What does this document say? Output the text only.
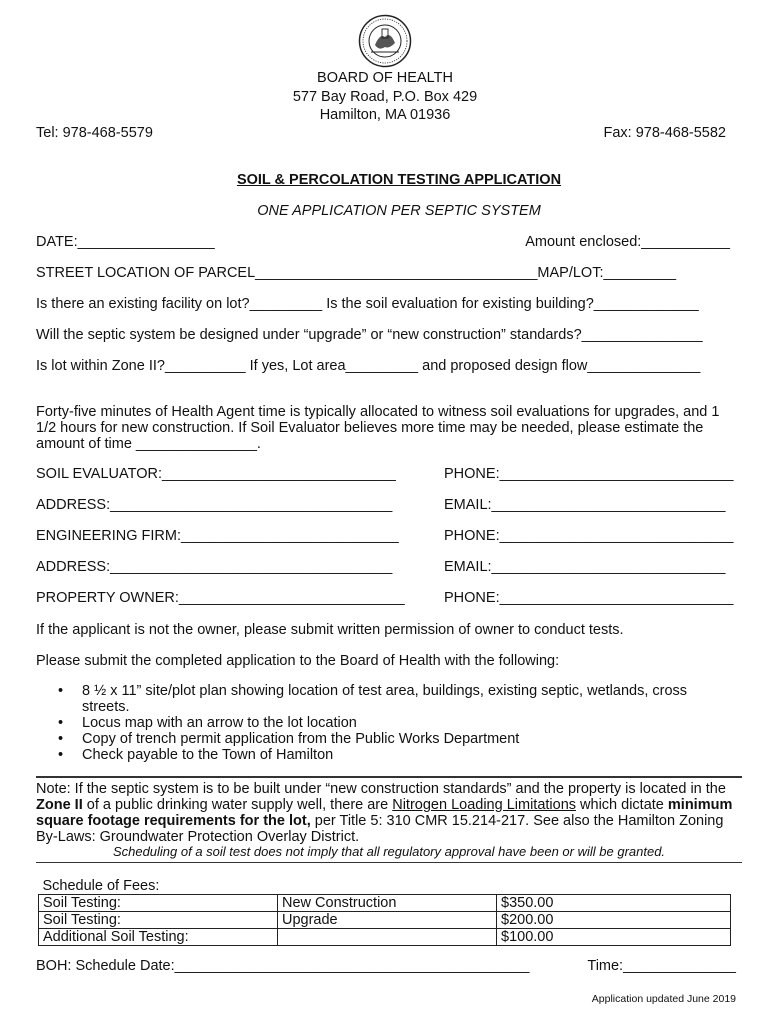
BOARD OF HEALTH
577 Bay Road, P.O. Box 429
Hamilton, MA 01936
Tel: 978-468-5579	Fax: 978-468-5582
SOIL & PERCOLATION TESTING APPLICATION
ONE APPLICATION PER SEPTIC SYSTEM
DATE:_________________	Amount enclosed:___________
STREET LOCATION OF PARCEL___________________________________MAP/LOT:_________
Is there an existing facility on lot?_________ Is the soil evaluation for existing building?_____________
Will the septic system be designed under “upgrade” or “new construction” standards?_______________
Is lot within Zone II?__________ If yes, Lot area_________ and proposed design flow______________
Forty-five minutes of Health Agent time is typically allocated to witness soil evaluations for upgrades, and 1 1/2 hours for new construction. If Soil Evaluator believes more time may be needed, please estimate the amount of time _______________.
SOIL EVALUATOR:_____________________________	PHONE:_____________________________
ADDRESS:___________________________________	EMAIL:_____________________________
ENGINEERING FIRM:___________________________	PHONE:_____________________________
ADDRESS:___________________________________	EMAIL:_____________________________
PROPERTY OWNER:____________________________	PHONE:_____________________________
If the applicant is not the owner, please submit written permission of owner to conduct tests.
Please submit the completed application to the Board of Health with the following:
• 8 ½ x 11” site/plot plan showing location of test area, buildings, existing septic, wetlands, cross streets.
• Locus map with an arrow to the lot location
• Copy of trench permit application from the Public Works Department
• Check payable to the Town of Hamilton
Note: If the septic system is to be built under “new construction standards” and the property is located in the Zone II of a public drinking water supply well, there are Nitrogen Loading Limitations which dictate minimum square footage requirements for the lot, per Title 5: 310 CMR 15.214-217. See also the Hamilton Zoning By-Laws: Groundwater Protection Overlay District.
Scheduling of a soil test does not imply that all regulatory approval have been or will be granted.
Schedule of Fees:		
Soil Testing:	New Construction	$350.00
Soil Testing:	Upgrade	$200.00
Additional Soil Testing:		$100.00
BOH: Schedule Date:____________________________________________	Time:______________
Application updated June 2019
